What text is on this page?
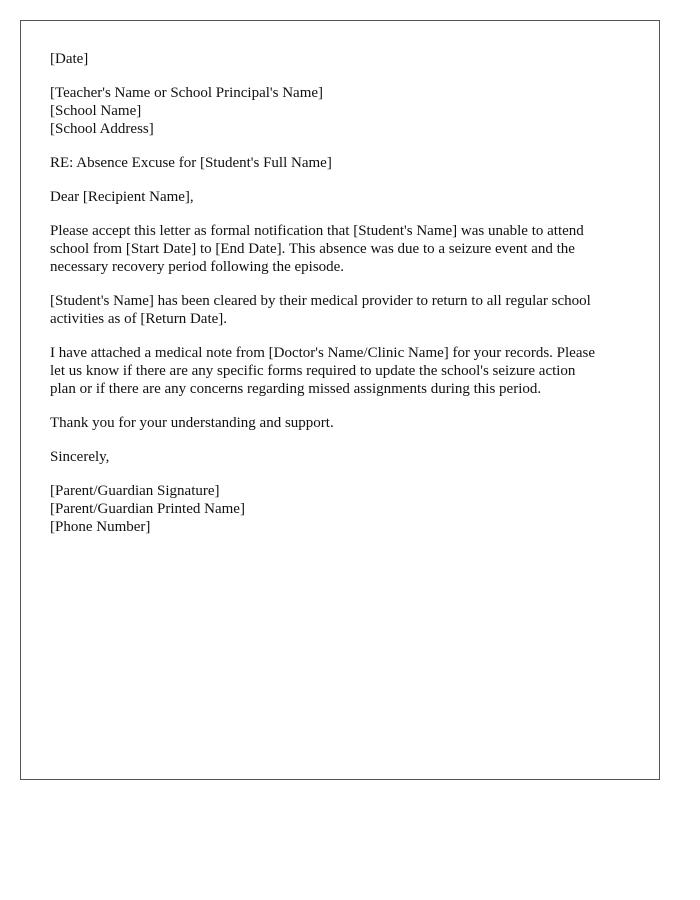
[Date]
[Teacher's Name or School Principal's Name]
[School Name]
[School Address]
RE: Absence Excuse for [Student's Full Name]
Dear [Recipient Name],
Please accept this letter as formal notification that [Student's Name] was unable to attend
school from [Start Date] to [End Date]. This absence was due to a seizure event and the
necessary recovery period following the episode.
[Student's Name] has been cleared by their medical provider to return to all regular school
activities as of [Return Date].
I have attached a medical note from [Doctor's Name/Clinic Name] for your records. Please
let us know if there are any specific forms required to update the school's seizure action
plan or if there are any concerns regarding missed assignments during this period.
Thank you for your understanding and support.
Sincerely,
[Parent/Guardian Signature]
[Parent/Guardian Printed Name]
[Phone Number]
